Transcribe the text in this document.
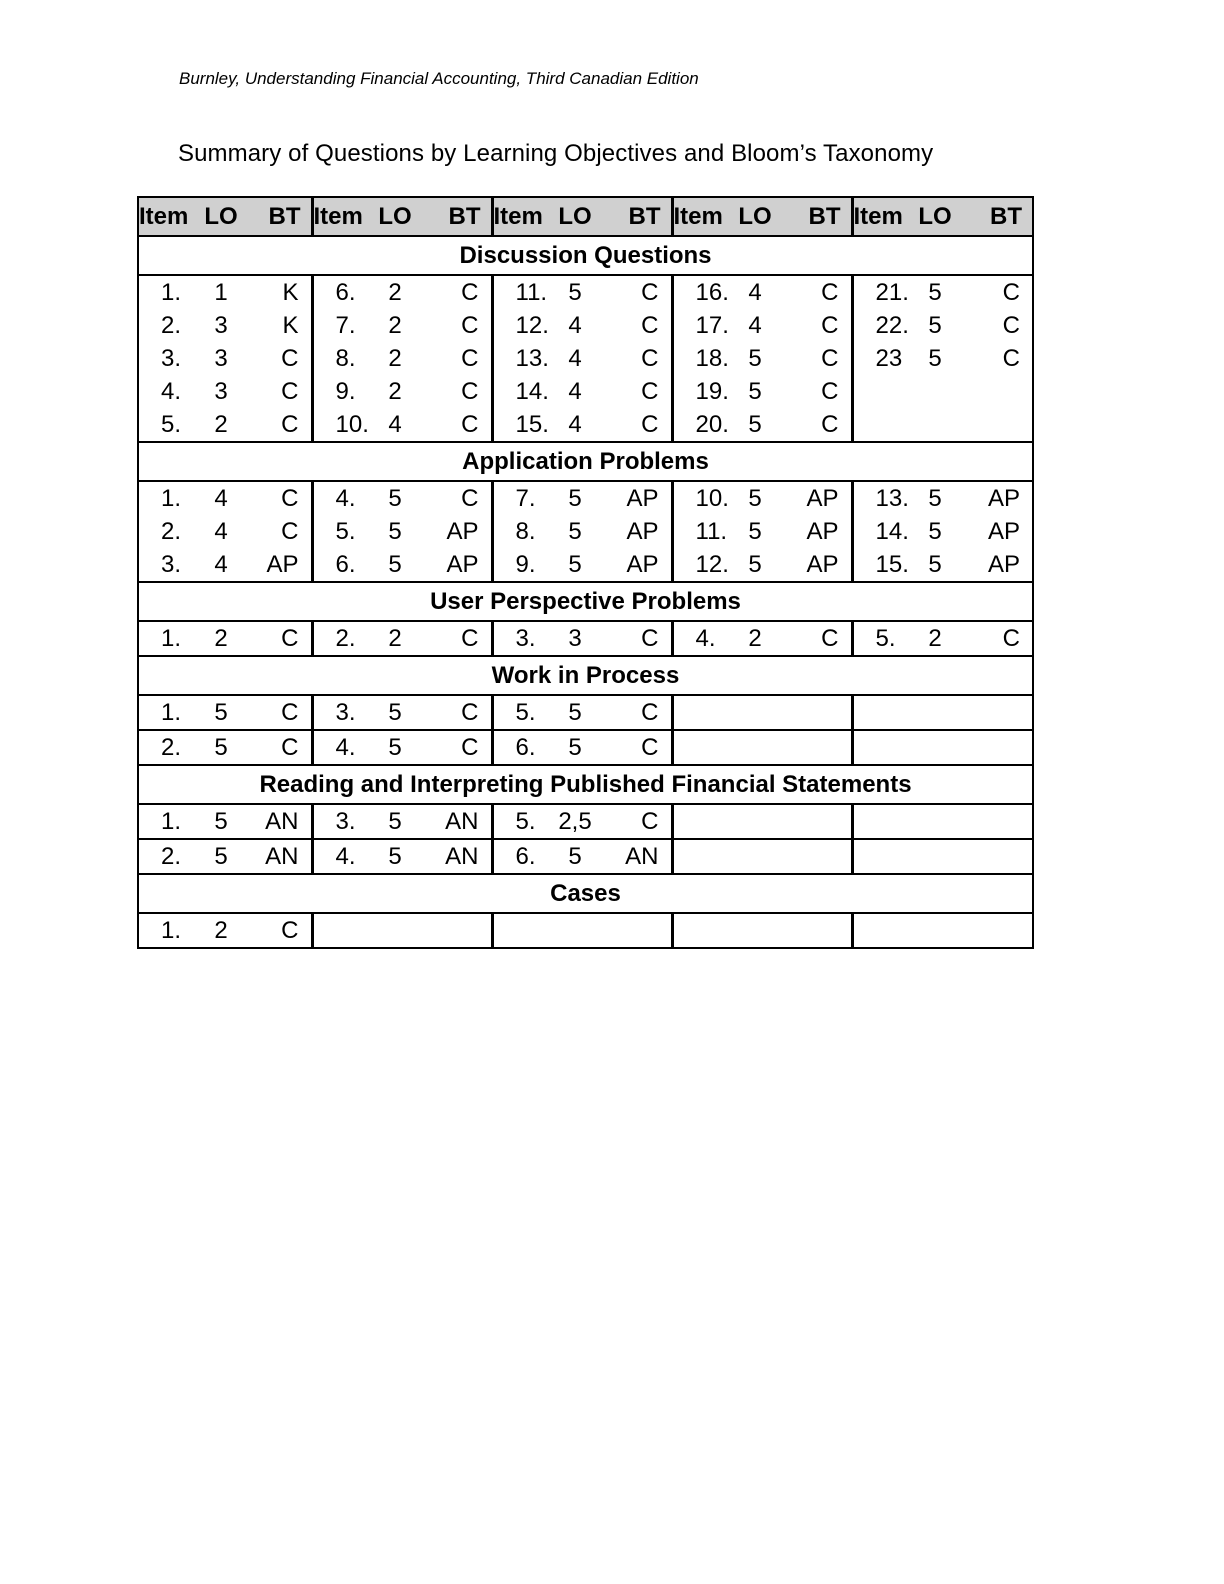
Burnley, Understanding Financial Accounting, Third Canadian Edition
Summary of Questions by Learning Objectives and Bloom’s Taxonomy
Item	LO	BT	Item	LO	BT	Item	LO	BT	Item	LO	BT	Item	LO	BT
Discussion Questions														
1.	1	K	6.	2	C	11.	5	C	16.	4	C	21.	5	C
2.	3	K	7.	2	C	12.	4	C	17.	4	C	22.	5	C
3.	3	C	8.	2	C	13.	4	C	18.	5	C	23	5	C
4.	3	C	9.	2	C	14.	4	C	19.	5	C			
5.	2	C	10.	4	C	15.	4	C	20.	5	C			
Application Problems														
1.	4	C	4.	5	C	7.	5	AP	10.	5	AP	13.	5	AP
2.	4	C	5.	5	AP	8.	5	AP	11.	5	AP	14.	5	AP
3.	4	AP	6.	5	AP	9.	5	AP	12.	5	AP	15.	5	AP
User Perspective Problems														
1.	2	C	2.	2	C	3.	3	C	4.	2	C	5.	2	C
Work in Process														
1.	5	C	3.	5	C	5.	5	C						
2.	5	C	4.	5	C	6.	5	C						
Reading and Interpreting Published Financial Statements														
1.	5	AN	3.	5	AN	5.	2,5	C						
2.	5	AN	4.	5	AN	6.	5	AN						
Cases														
1.	2	C												
